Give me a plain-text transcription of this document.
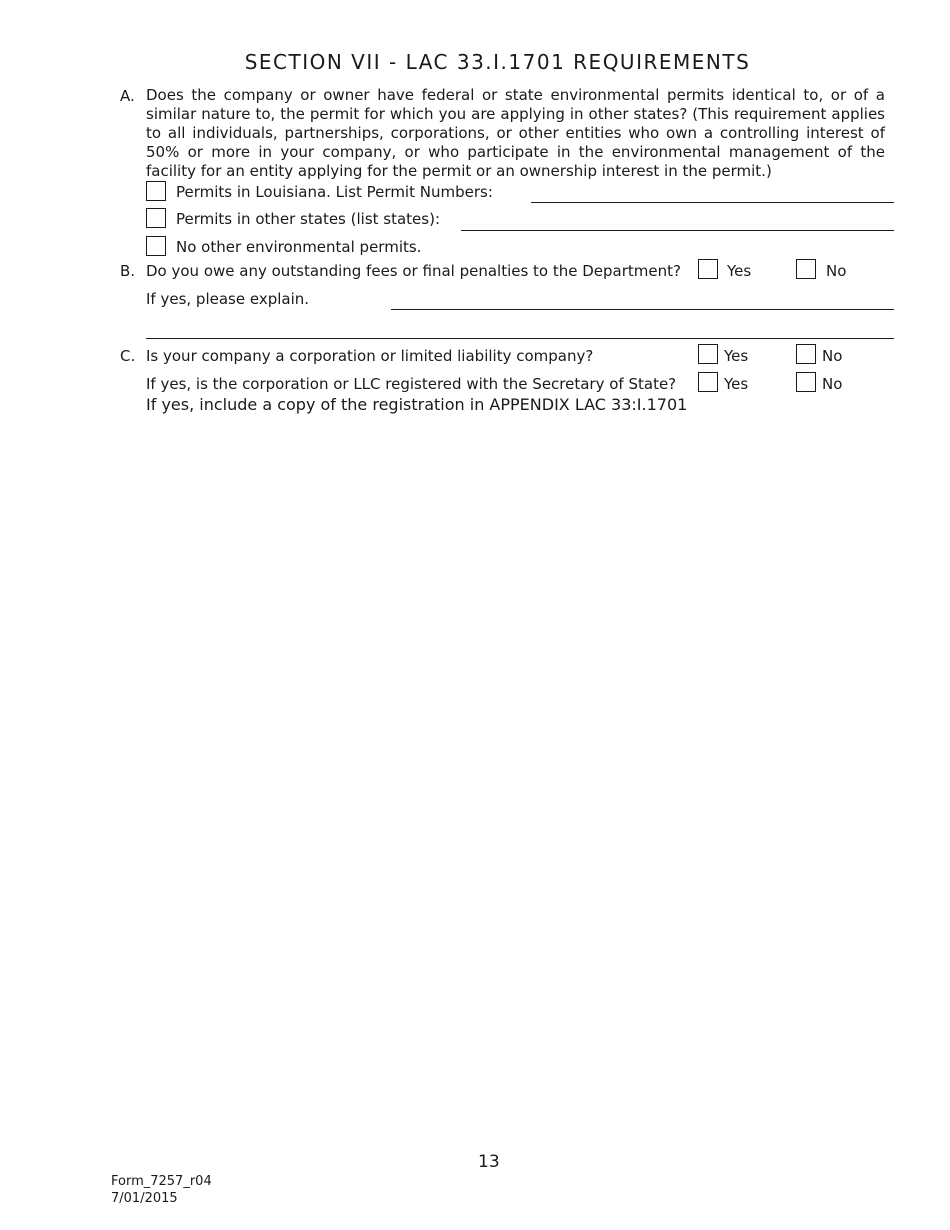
SECTION VII - LAC 33.I.1701 REQUIREMENTS
A. Does the company or owner have federal or state environmental permits identical to, or of a similar nature to, the permit for which you are applying in other states? (This requirement applies to all individuals, partnerships, corporations, or other entities who own a controlling interest of 50% or more in your company, or who participate in the environmental management of the facility for an entity applying for the permit or an ownership interest in the permit.)
Permits in Louisiana. List Permit Numbers:
Permits in other states (list states):
No other environmental permits.
B. Do you owe any outstanding fees or final penalties to the Department?	Yes	No
If yes, please explain.
C. Is your company a corporation or limited liability company?	Yes	No
If yes, is the corporation or LLC registered with the Secretary of State?	Yes	No
If yes, include a copy of the registration in APPENDIX LAC 33:I.1701
13
Form_7257_r04
7/01/2015
